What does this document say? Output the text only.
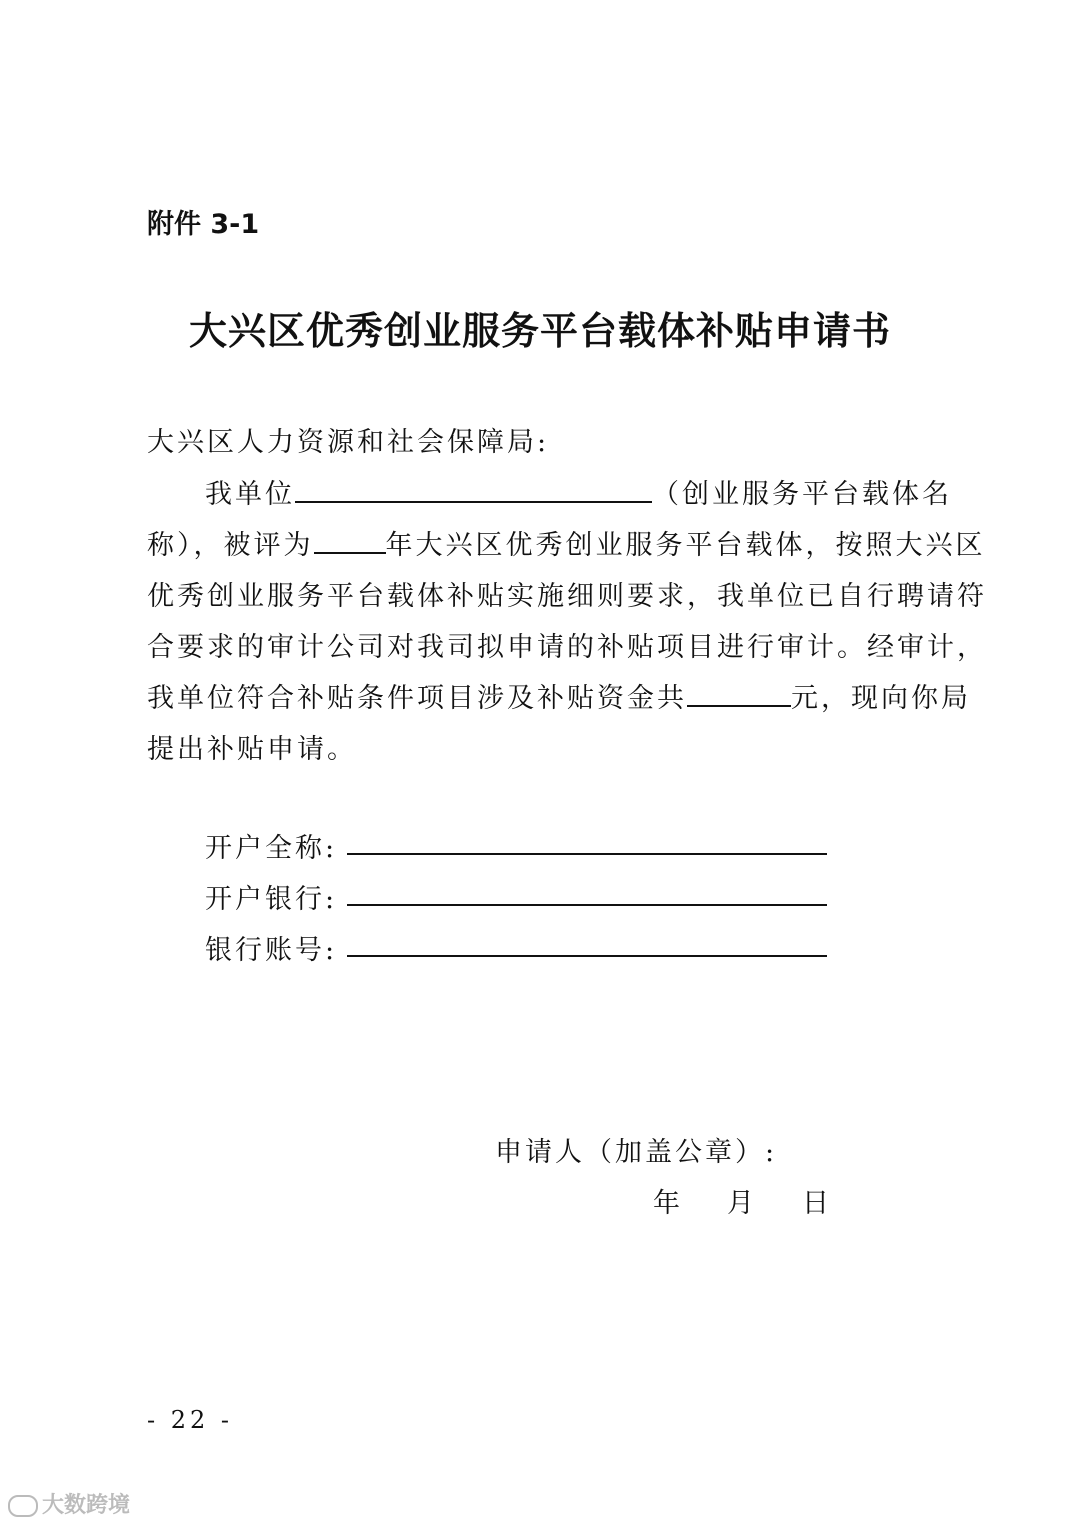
附件 3-1
大兴区优秀创业服务平台载体补贴申请书
大兴区人力资源和社会保障局:
我单位	（创业服务平台载体名
称），被评为	年大兴区优秀创业服务平台载体，按照大兴区
优秀创业服务平台载体补贴实施细则要求，我单位已自行聘请符
合要求的审计公司对我司拟申请的补贴项目进行审计。经审计，
我单位符合补贴条件项目涉及补贴资金共	元，现向你局
提出补贴申请。
开户全称:
开户银行:
银行账号:
申请人（加盖公章）:
年 月 日
- 22 -
大数跨境
